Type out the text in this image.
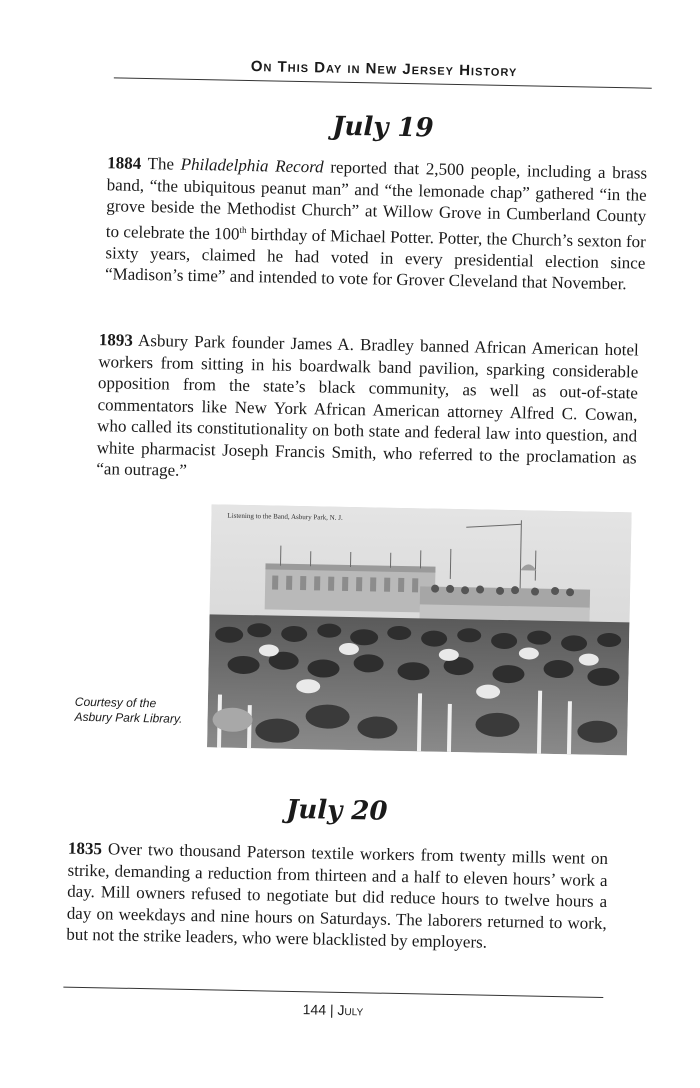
On This Day in New Jersey History
July 19
1884 The Philadelphia Record reported that 2,500 people, including a brass band, “the ubiquitous peanut man” and “the lemonade chap” gathered “in the grove beside the Methodist Church” at Willow Grove in Cumberland County to celebrate the 100th birthday of Michael Potter. Potter, the Church’s sexton for sixty years, claimed he had voted in every presidential election since “Madison’s time” and intended to vote for Grover Cleveland that November.
1893 Asbury Park founder James A. Bradley banned African American hotel workers from sitting in his boardwalk band pavilion, sparking considerable opposition from the state’s black community, as well as out-of-state commentators like New York African American attorney Alfred C. Cowan, who called its constitutionality on both state and federal law into question, and white pharmacist Joseph Francis Smith, who referred to the proclamation as “an outrage.”
Listening to the Band, Asbury Park, N. J.
Courtesy of the Asbury Park Library.
July 20
1835 Over two thousand Paterson textile workers from twenty mills went on strike, demanding a reduction from thirteen and a half to eleven hours’ work a day. Mill owners refused to negotiate but did reduce hours to twelve hours a day on weekdays and nine hours on Saturdays. The laborers returned to work, but not the strike leaders, who were blacklisted by employers.
144 | July
